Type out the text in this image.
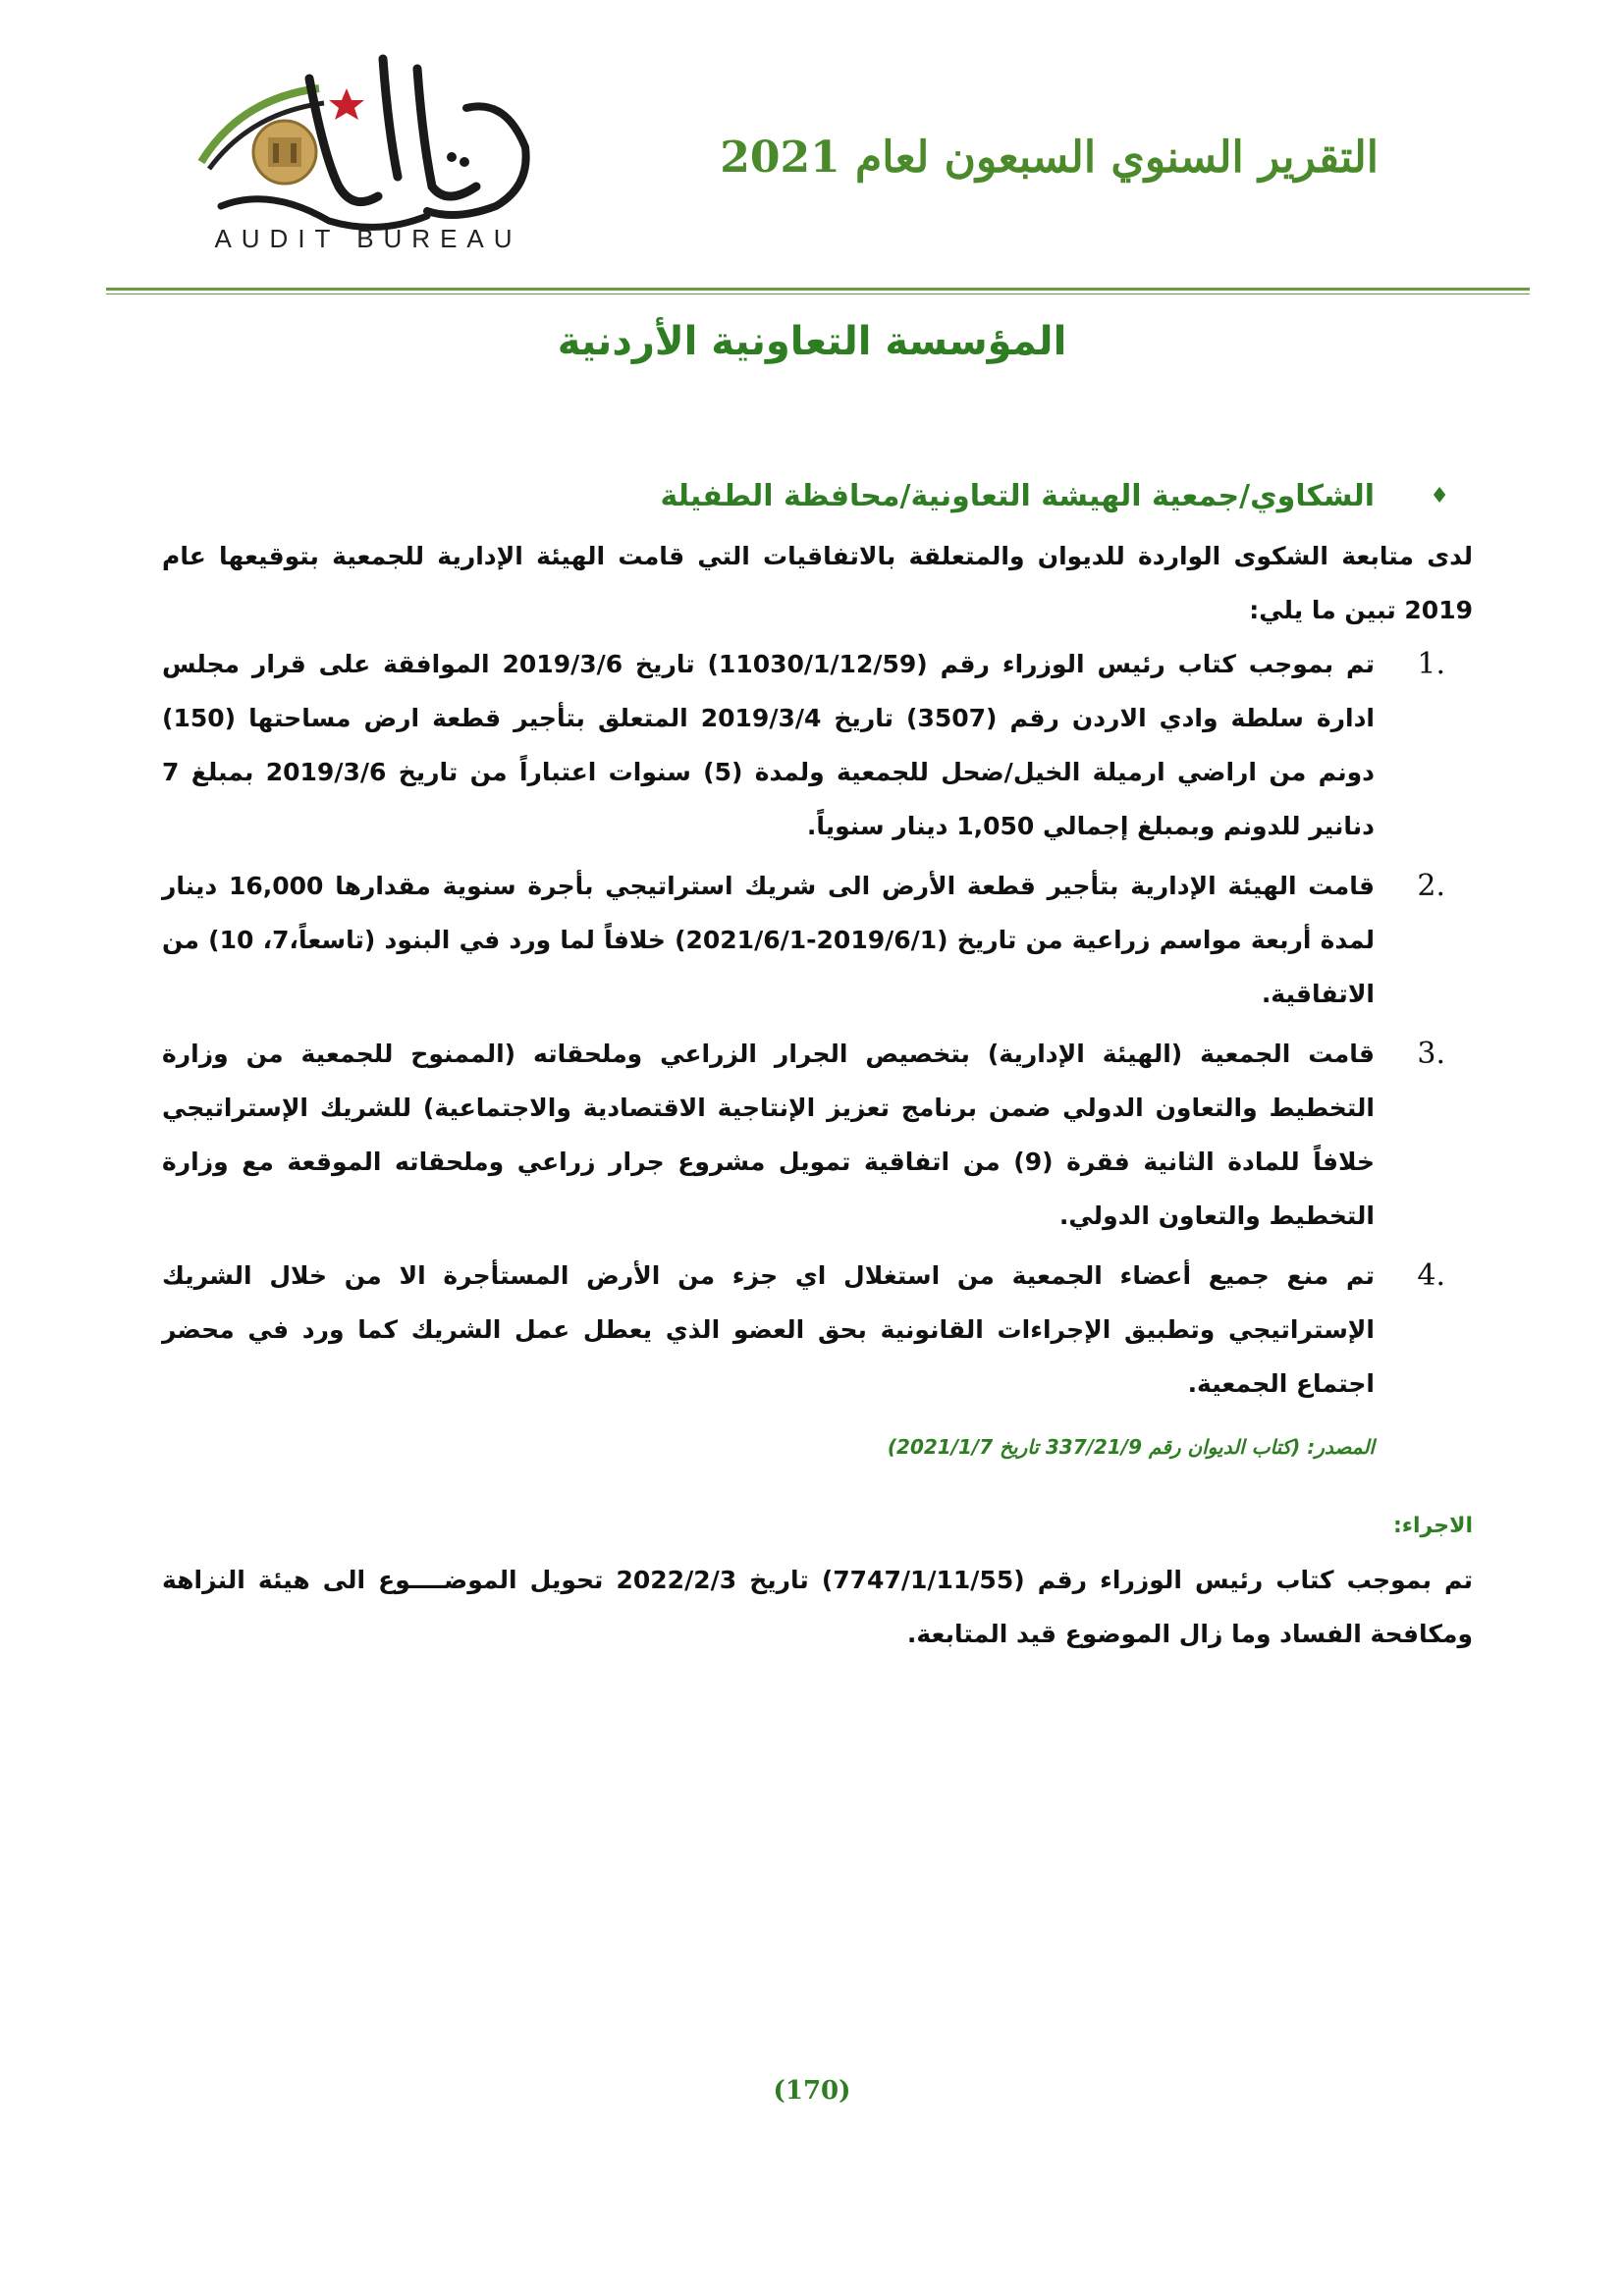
AUDIT BUREAU
التقرير السنوي السبعون لعام 2021
المؤسسة التعاونية الأردنية
♦
الشكاوي/جمعية الهيشة التعاونية/محافظة الطفيلة

لدى متابعة الشكوى الواردة للديوان والمتعلقة بالاتفاقيات التي قامت الهيئة الإدارية للجمعية بتوقيعها عام 2019 تبين ما يلي:

1.
تم بموجب كتاب رئيس الوزراء رقم (11030/1/12/59) تاريخ 2019/3/6 الموافقة على قرار مجلس ادارة سلطة وادي الاردن رقم (3507) تاريخ 2019/3/4 المتعلق بتأجير قطعة ارض مساحتها (150) دونم من اراضي ارميلة الخيل/ضحل للجمعية ولمدة (5) سنوات اعتباراً من تاريخ 2019/3/6 بمبلغ 7 دنانير للدونم وبمبلغ إجمالي 1,050 دينار سنوياً.
2.
قامت الهيئة الإدارية بتأجير قطعة الأرض الى شريك استراتيجي بأجرة سنوية مقدارها 16,000 دينار لمدة أربعة مواسم زراعية من تاريخ (2019/6/1-2021/6/1) خلافاً لما ورد في البنود (تاسعاً،7، 10) من الاتفاقية.
3.
قامت الجمعية (الهيئة الإدارية) بتخصيص الجرار الزراعي وملحقاته (الممنوح للجمعية من وزارة التخطيط والتعاون الدولي ضمن برنامج تعزيز الإنتاجية الاقتصادية والاجتماعية) للشريك الإستراتيجي خلافاً للمادة الثانية فقرة (9) من اتفاقية تمويل مشروع جرار زراعي وملحقاته الموقعة مع وزارة التخطيط والتعاون الدولي.
4.
تم منع جميع أعضاء الجمعية من استغلال اي جزء من الأرض المستأجرة الا من خلال الشريك الإستراتيجي وتطبيق الإجراءات القانونية بحق العضو الذي يعطل عمل الشريك كما ورد في محضر اجتماع الجمعية.
المصدر: (كتاب الديوان رقم 337/21/9 تاريخ 2021/1/7)
الاجراء:

تم بموجب كتاب رئيس الوزراء رقم (7747/1/11/55) تاريخ 2022/2/3 تحويل الموضــــوع الى هيئة النزاهة ومكافحة الفساد وما زال الموضوع قيد المتابعة.

(170)
